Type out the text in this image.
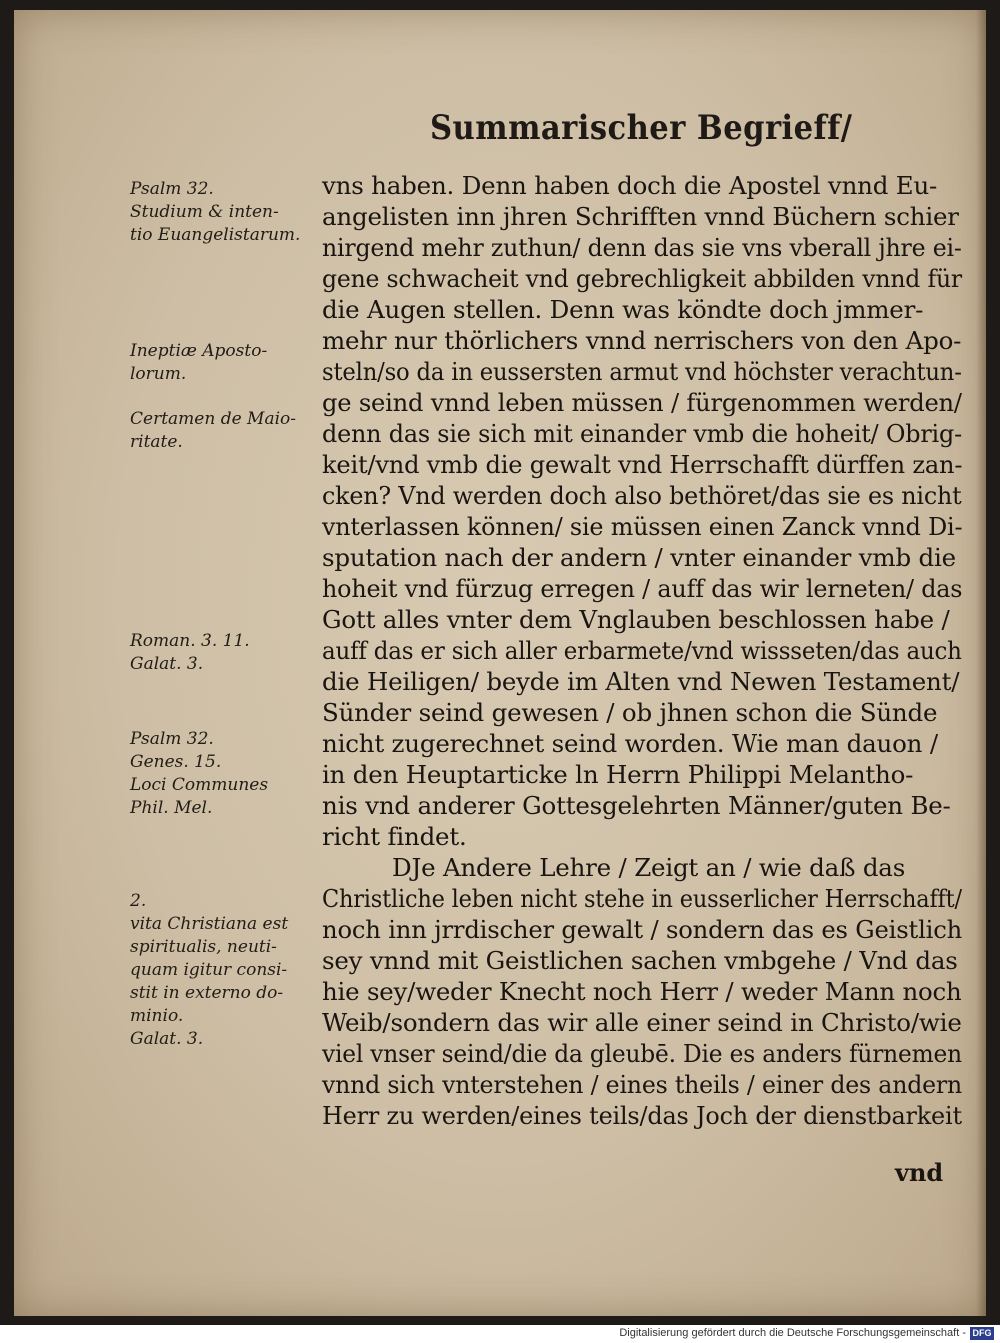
Summarischer Begrieff/
Psalm 32.
Studium & inten-
tio Euangelistarum.
Ineptiæ Aposto-
lorum.
Certamen de Maio-
ritate.
Roman. 3. 11.
Galat. 3.
Psalm 32.
Genes. 15.
Loci Communes
Phil. Mel.
2.
vita Christiana est
spiritualis, neuti-
quam igitur consi-
stit in externo do-
minio.
Galat. 3.
vns haben. Denn haben doch die Apostel vnnd Eu-
angelisten inn jhren Schrifften vnnd Büchern schier
nirgend mehr zuthun/ denn das sie vns vberall jhre ei-
gene schwacheit vnd gebrechligkeit abbilden vnnd für
die Augen stellen. Denn was köndte doch jmmer-
mehr nur thörlichers vnnd nerrischers von den Apo-
steln/so da in eussersten armut vnd höchster verachtun-
ge seind vnnd leben müssen / fürgenommen werden/
denn das sie sich mit einander vmb die hoheit/ Obrig-
keit/vnd vmb die gewalt vnd Herrschafft dürffen zan-
cken? Vnd werden doch also bethöret/das sie es nicht
vnterlassen können/ sie müssen einen Zanck vnnd Di-
sputation nach der andern / vnter einander vmb die
hoheit vnd fürzug erregen / auff das wir lerneten/ das
Gott alles vnter dem Vnglauben beschlossen habe /
auff das er sich aller erbarmete/vnd wissseten/das auch
die Heiligen/ beyde im Alten vnd Newen Testament/
Sünder seind gewesen / ob jhnen schon die Sünde
nicht zugerechnet seind worden. Wie man dauon /
in den Heuptarticke ln Herrn Philippi Melantho-
nis vnd anderer Gottesgelehrten Männer/guten Be-
richt findet.
DJe Andere Lehre / Zeigt an / wie daß das
Christliche leben nicht stehe in eusserlicher Herrschafft/
noch inn jrrdischer gewalt / sondern das es Geistlich
sey vnnd mit Geistlichen sachen vmbgehe / Vnd das
hie sey/weder Knecht noch Herr / weder Mann noch
Weib/sondern das wir alle einer seind in Christo/wie
viel vnser seind/die da gleubē. Die es anders fürnemen
vnnd sich vnterstehen / eines theils / einer des andern
Herr zu werden/eines teils/das Joch der dienstbarkeit
vnd
Digitalisierung gefördert durch die Deutsche Forschungsgemeinschaft - DFG
